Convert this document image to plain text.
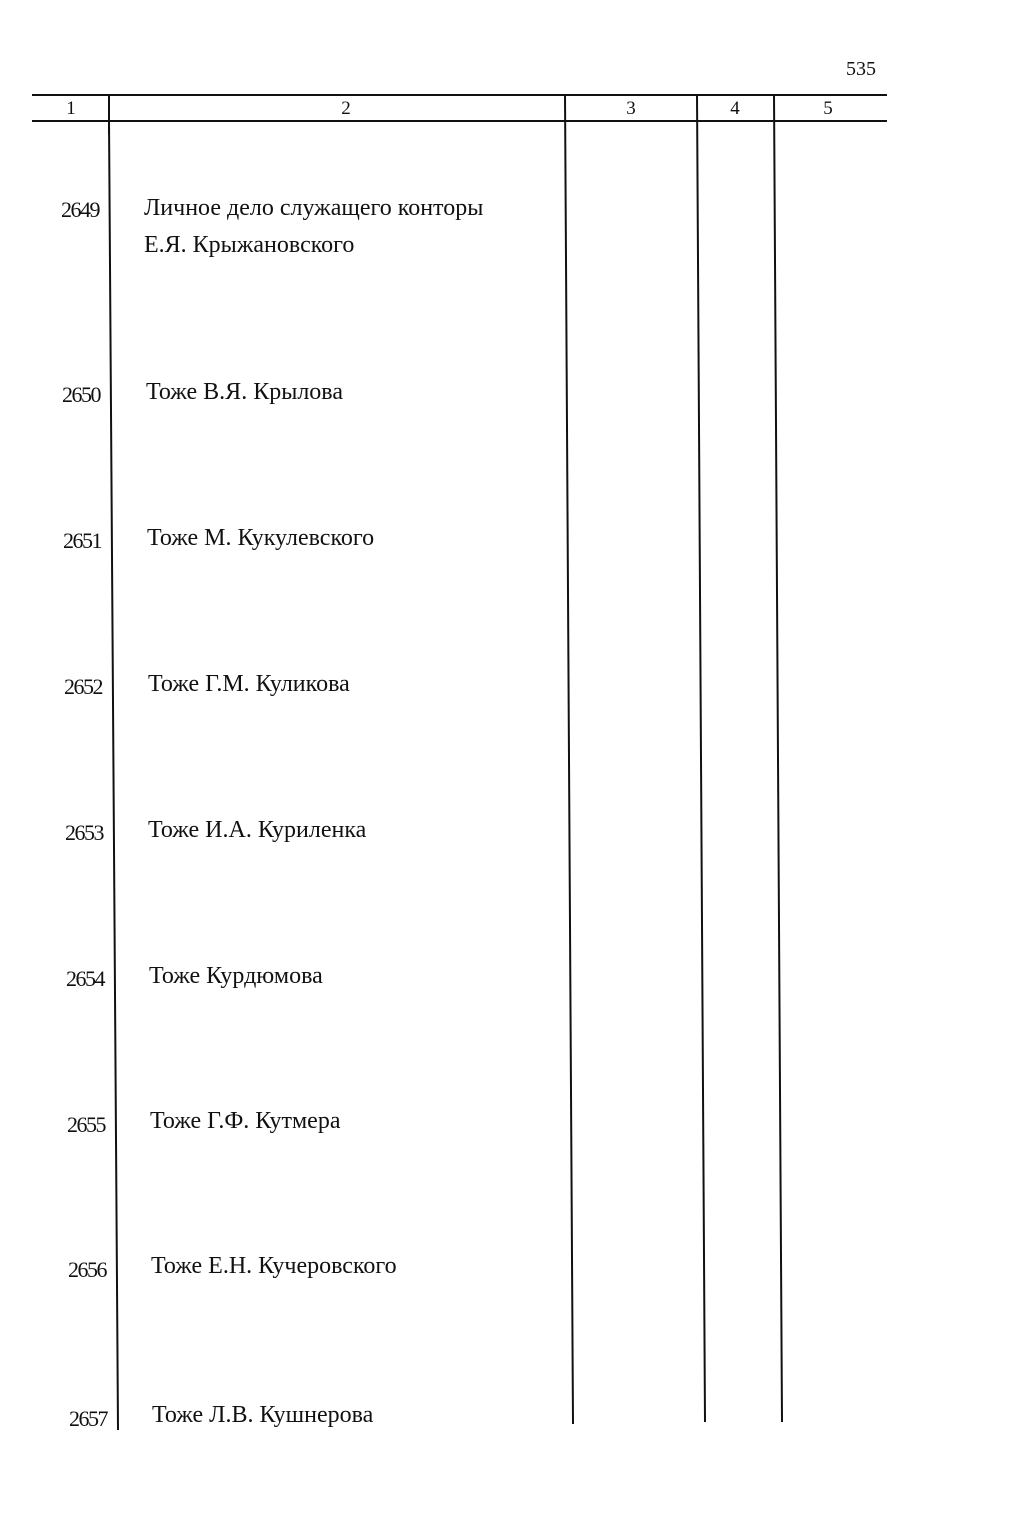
535
1	2	3	4	5
2649 Личное дело служащего конторы
Е.Я. Крыжановского
2650 Тоже В.Я. Крылова
2651 Тоже М. Кукулевского
2652 Тоже Г.М. Куликова
2653 Тоже И.А. Куриленка
2654 Тоже Курдюмова
2655 Тоже Г.Ф. Кутмера
2656 Тоже Е.Н. Кучеровского
2657 Тоже Л.В. Кушнерова
